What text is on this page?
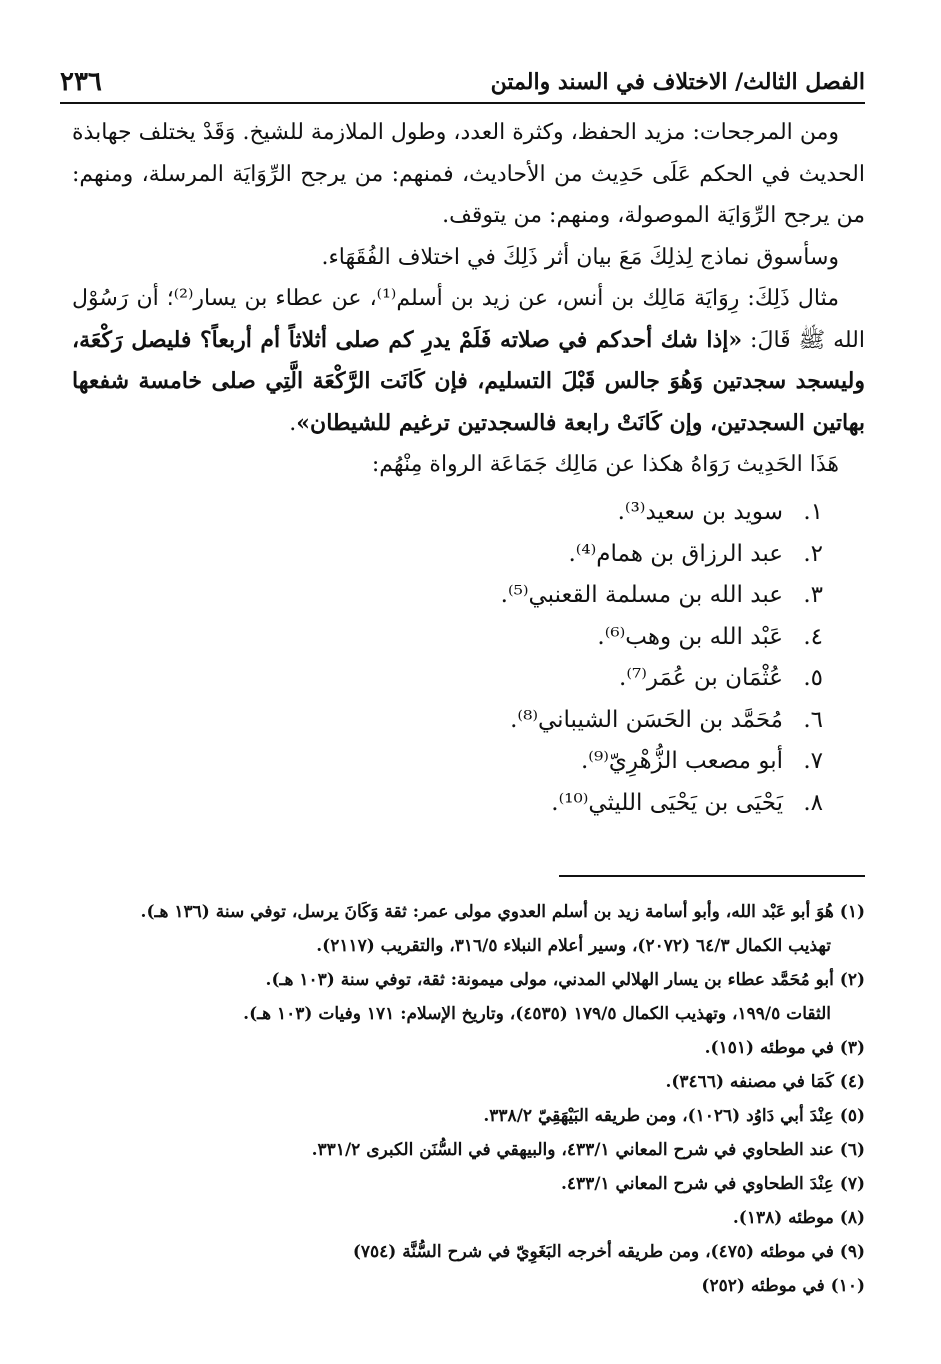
الفصل الثالث/ الاختلاف في السند والمتن
٢٣٦

ومن المرجحات: مزيد الحفظ، وكثرة العدد، وطول الملازمة للشيخ. وَقَدْ يختلف جهابذة الحديث في الحكم عَلَى حَدِيث من الأحاديث، فمنهم: من يرجح الرِّوَايَة المرسلة، ومنهم: من يرجح الرِّوَايَة الموصولة، ومنهم: من يتوقف.

وسأسوق نماذج لِذلِكَ مَعَ بيان أثر ذَلِكَ في اختلاف الفُقَهَاء.

مثال ذَلِكَ: رِوَايَة مَالِك بن أنس، عن زيد بن أسلم⁽¹⁾، عن عطاء بن يسار⁽²⁾؛ أن رَسُوْل الله ﷺ قَالَ: «إذا شك أحدكم في صلاته فَلَمْ يدرِ كم صلى أثلاثاً أم أربعاً؟ فليصل رَكْعَة، وليسجد سجدتين وَهُوَ جالس قَبْلَ التسليم، فإن كَانَت الرَّكْعَة الَّتِي صلى خامسة شفعها بهاتين السجدتين، وإن كَانَتْ رابعة فالسجدتين ترغيم للشيطان».

هَذَا الحَدِيث رَوَاهُ هكذا عن مَالِك جَمَاعَة الرواة مِنْهُم:

١.
سويد بن سعيد⁽³⁾.
٢.
عبد الرزاق بن همام⁽⁴⁾.
٣.
عبد الله بن مسلمة القعنبي⁽⁵⁾.
٤.
عَبْد الله بن وهب⁽⁶⁾.
٥.
عُثْمَان بن عُمَر⁽⁷⁾.
٦.
مُحَمَّد بن الحَسَن الشيباني⁽⁸⁾.
٧.
أبو مصعب الزُّهْرِيّ⁽⁹⁾.
٨.
يَحْيَى بن يَحْيَى الليثي⁽¹⁰⁾.

(١) هُوَ أبو عَبْد الله، وأبو أسامة زيد بن أسلم العدوي مولى عمر: ثقة وَكَانَ يرسل، توفي سنة (١٣٦ هـ).

تهذيب الكمال ٦٤/٣ (٢٠٧٢)، وسير أعلام النبلاء ٣١٦/٥، والتقريب (٢١١٧).

(٢) أبو مُحَمَّد عطاء بن يسار الهلالي المدني، مولى ميمونة: ثقة، توفي سنة (١٠٣ هـ).

الثقات ١٩٩/٥، وتهذيب الكمال ١٧٩/٥ (٤٥٣٥)، وتاريخ الإسلام: ١٧١ وفيات (١٠٣ هـ).

(٣) في موطئه (١٥١).

(٤) كَمَا في مصنفه (٣٤٦٦).

(٥) عِنْدَ أبي دَاوُد (١٠٢٦)، ومن طريقه البَيْهَقِيّ ٣٣٨/٢.

(٦) عند الطحاوي في شرح المعاني ٤٣٣/١، والبيهقي في السُّنَن الكبرى ٣٣١/٢.

(٧) عِنْدَ الطحاوي في شرح المعاني ٤٣٣/١.

(٨) موطئه (١٣٨).

(٩) في موطئه (٤٧٥)، ومن طريقه أخرجه البَغَوِيّ في شرح السُّنَّة (٧٥٤)

(١٠) في موطئه (٢٥٢)
